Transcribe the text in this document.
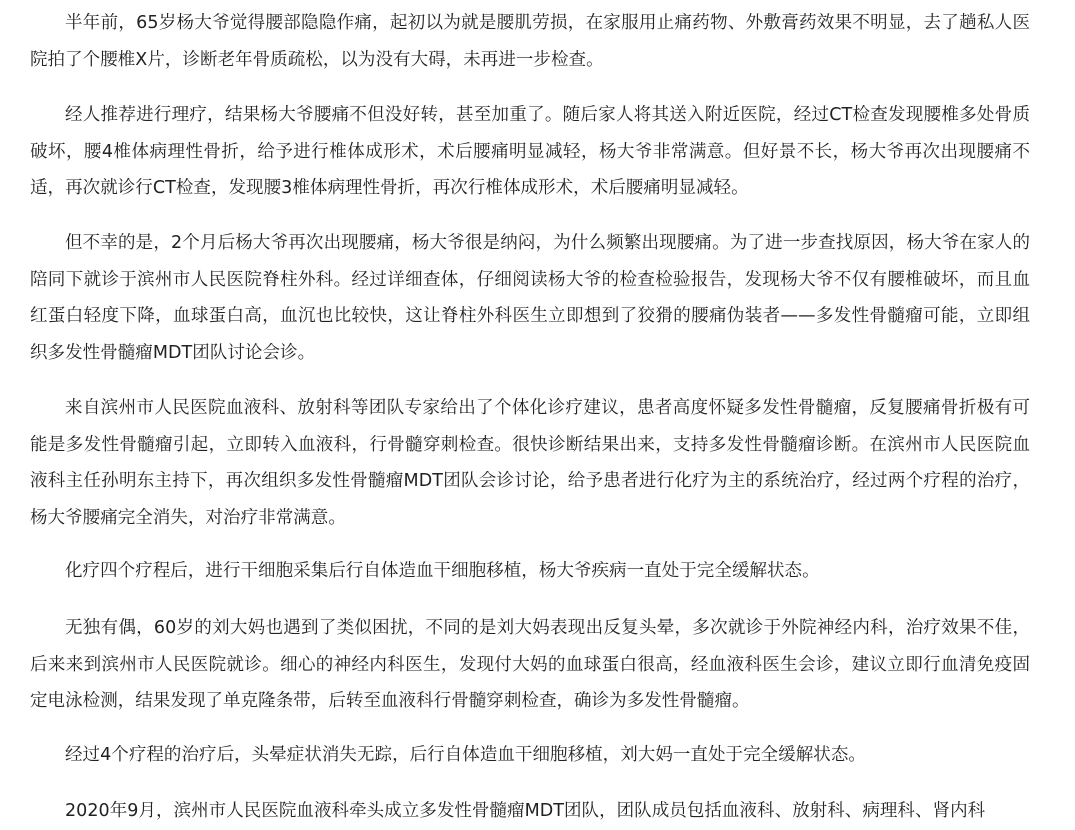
半年前，65岁杨大爷觉得腰部隐隐作痛，起初以为就是腰肌劳损，在家服用止痛药物、外敷膏药效果不明显，去了趟私人医院拍了个腰椎X片，诊断老年骨质疏松，以为没有大碍，未再进一步检查。

经人推荐进行理疗，结果杨大爷腰痛不但没好转，甚至加重了。随后家人将其送入附近医院，经过CT检查发现腰椎多处骨质破坏，腰4椎体病理性骨折，给予进行椎体成形术，术后腰痛明显减轻，杨大爷非常满意。但好景不长，杨大爷再次出现腰痛不适，再次就诊行CT检查，发现腰3椎体病理性骨折，再次行椎体成形术，术后腰痛明显减轻。

但不幸的是，2个月后杨大爷再次出现腰痛，杨大爷很是纳闷，为什么频繁出现腰痛。为了进一步查找原因，杨大爷在家人的陪同下就诊于滨州市人民医院脊柱外科。经过详细查体，仔细阅读杨大爷的检查检验报告，发现杨大爷不仅有腰椎破坏，而且血红蛋白轻度下降，血球蛋白高，血沉也比较快，这让脊柱外科医生立即想到了狡猾的腰痛伪装者——多发性骨髓瘤可能，立即组织多发性骨髓瘤MDT团队讨论会诊。

来自滨州市人民医院血液科、放射科等团队专家给出了个体化诊疗建议，患者高度怀疑多发性骨髓瘤，反复腰痛骨折极有可能是多发性骨髓瘤引起，立即转入血液科，行骨髓穿刺检查。很快诊断结果出来，支持多发性骨髓瘤诊断。在滨州市人民医院血液科主任孙明东主持下，再次组织多发性骨髓瘤MDT团队会诊讨论，给予患者进行化疗为主的系统治疗，经过两个疗程的治疗，杨大爷腰痛完全消失，对治疗非常满意。

化疗四个疗程后，进行干细胞采集后行自体造血干细胞移植，杨大爷疾病一直处于完全缓解状态。

无独有偶，60岁的刘大妈也遇到了类似困扰，不同的是刘大妈表现出反复头晕，多次就诊于外院神经内科，治疗效果不佳，后来来到滨州市人民医院就诊。细心的神经内科医生，发现付大妈的血球蛋白很高，经血液科医生会诊，建议立即行血清免疫固定电泳检测，结果发现了单克隆条带，后转至血液科行骨髓穿刺检查，确诊为多发性骨髓瘤。

经过4个疗程的治疗后，头晕症状消失无踪，后行自体造血干细胞移植，刘大妈一直处于完全缓解状态。

2020年9月，滨州市人民医院血液科牵头成立多发性骨髓瘤MDT团队，团队成员包括血液科、放射科、病理科、肾内科
